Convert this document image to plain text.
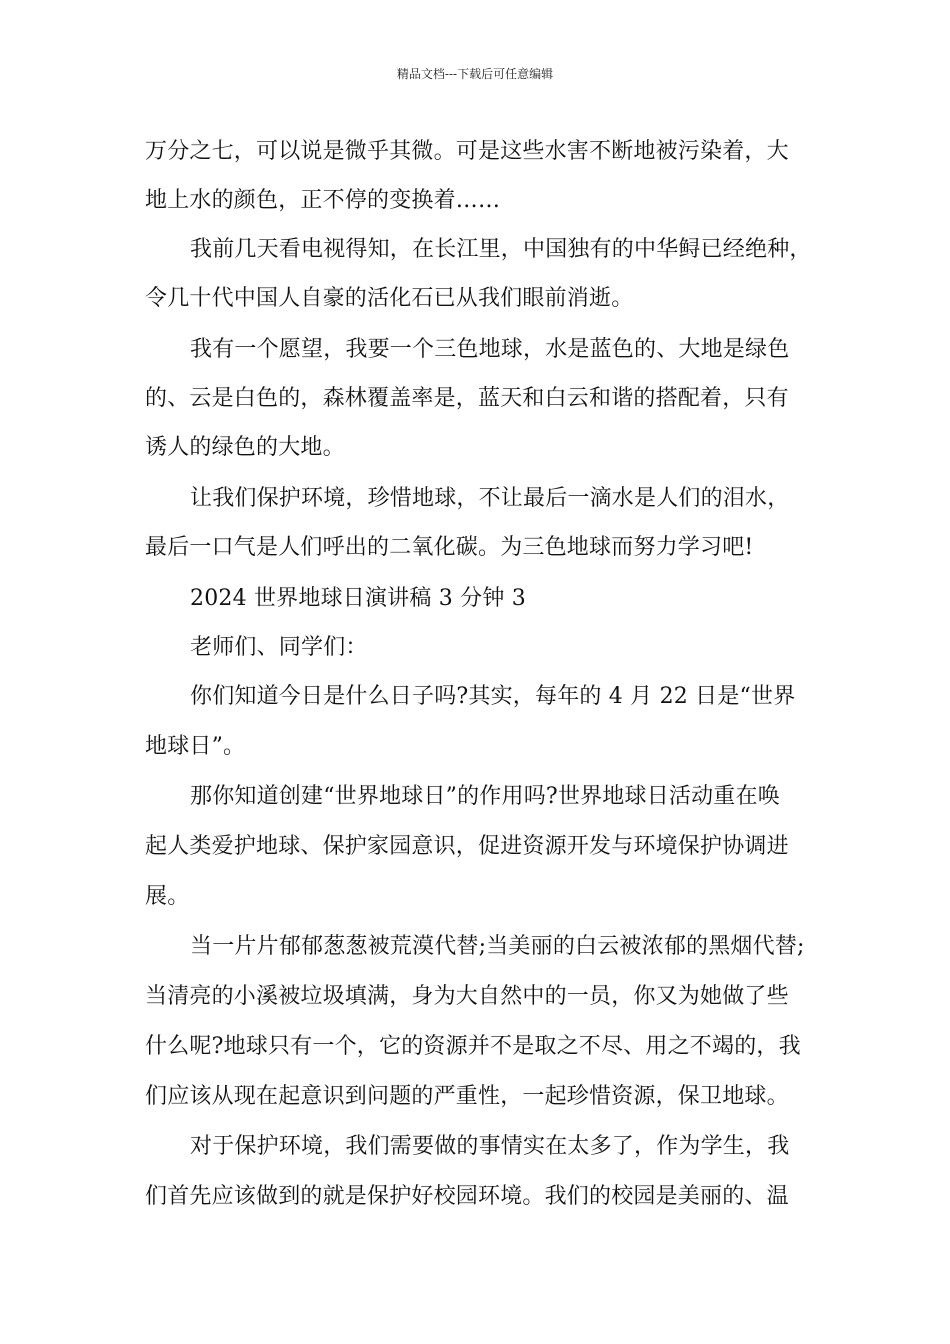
精品文档---下载后可任意编辑
万分之七，可以说是微乎其微。可是这些水害不断地被污染着，大
地上水的颜色，正不停的变换着……
我前几天看电视得知，在长江里，中国独有的中华鲟已经绝种，
令几十代中国人自豪的活化石已从我们眼前消逝。
我有一个愿望，我要一个三色地球，水是蓝色的、大地是绿色
的、云是白色的，森林覆盖率是，蓝天和白云和谐的搭配着，只有
诱人的绿色的大地。
让我们保护环境，珍惜地球，不让最后一滴水是人们的泪水，
最后一口气是人们呼出的二氧化碳。为三色地球而努力学习吧!
2024 世界地球日演讲稿 3 分钟 3
老师们、同学们：
你们知道今日是什么日子吗?其实，每年的 4 月 22 日是“世界
地球日”。
那你知道创建“世界地球日”的作用吗?世界地球日活动重在唤
起人类爱护地球、保护家园意识，促进资源开发与环境保护协调进
展。
当一片片郁郁葱葱被荒漠代替;当美丽的白云被浓郁的黑烟代替;
当清亮的小溪被垃圾填满，身为大自然中的一员，你又为她做了些
什么呢?地球只有一个，它的资源并不是取之不尽、用之不竭的，我
们应该从现在起意识到问题的严重性，一起珍惜资源，保卫地球。
对于保护环境，我们需要做的事情实在太多了，作为学生，我
们首先应该做到的就是保护好校园环境。我们的校园是美丽的、温
